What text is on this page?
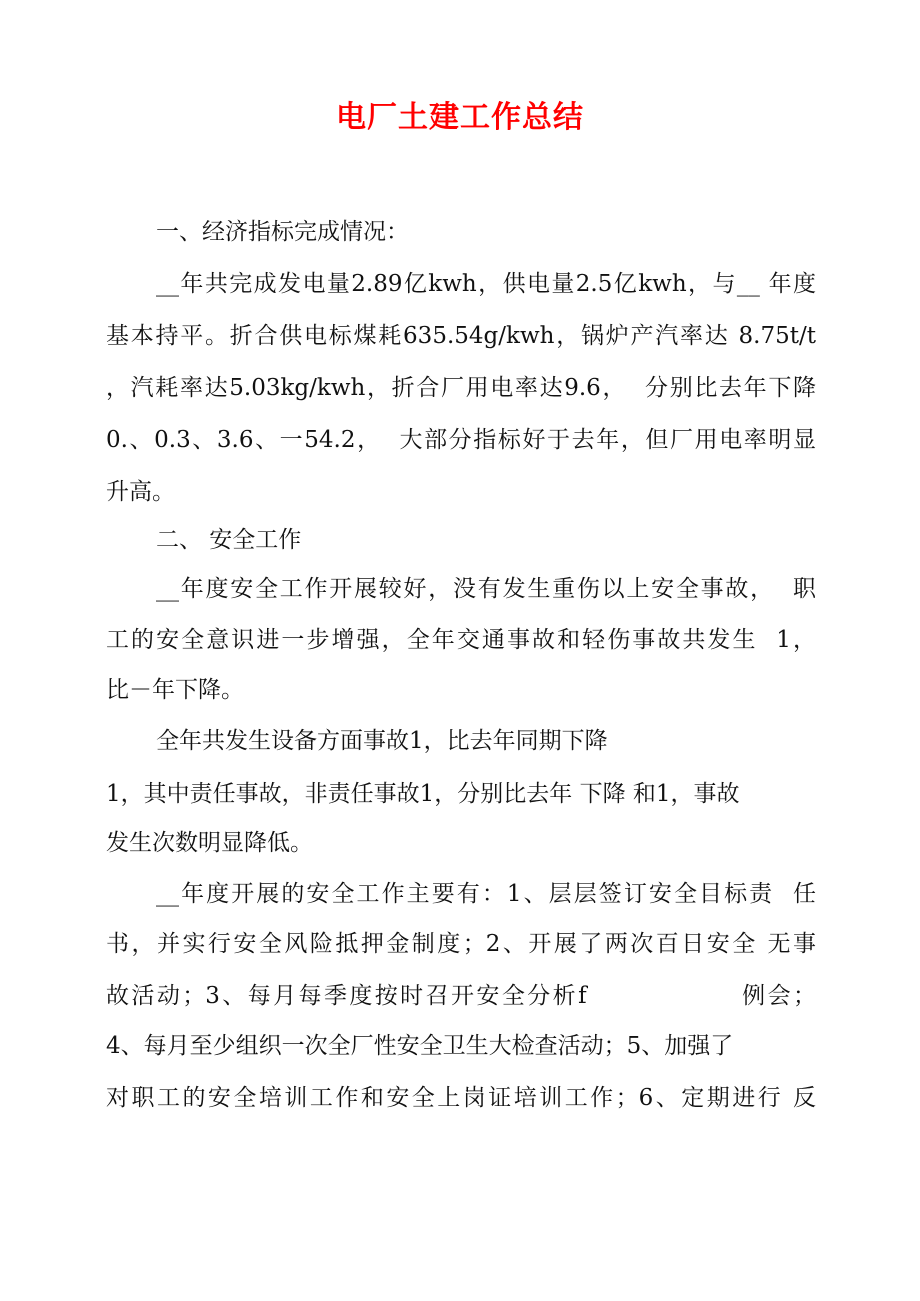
电厂土建工作总结
一、经济指标完成情况：
__年共完成发电量2.89亿kwh，供电量2.5亿kwh，与__ 年度
基本持平。折合供电标煤耗635.54g/kwh，锅炉产汽率达 8.75t/t
，汽耗率达5.03kg/kwh，折合厂用电率达9.6，  分别比去年下降
0.、0.3、3.6、一54.2，  大部分指标好于去年，但厂用电率明显
升高。
二、 安全工作
__年度安全工作开展较好，没有发生重伤以上安全事故，  职
工的安全意识进一步增强，全年交通事故和轻伤事故共发生  1，
比－年下降。
全年共发生设备方面事故1，比去年同期下降
1，其中责任事故，非责任事故1，分别比去年 下降 和1，事故
发生次数明显降低。
__年度开展的安全工作主要有：1、层层签订安全目标责  任
书，并实行安全风险抵押金制度；2、开展了两次百日安全 无事
故活动；3、每月每季度按时召开安全分析f                例会；
4、每月至少组织一次全厂性安全卫生大检查活动；5、加强了
对职工的安全培训工作和安全上岗证培训工作；6、定期进行 反
